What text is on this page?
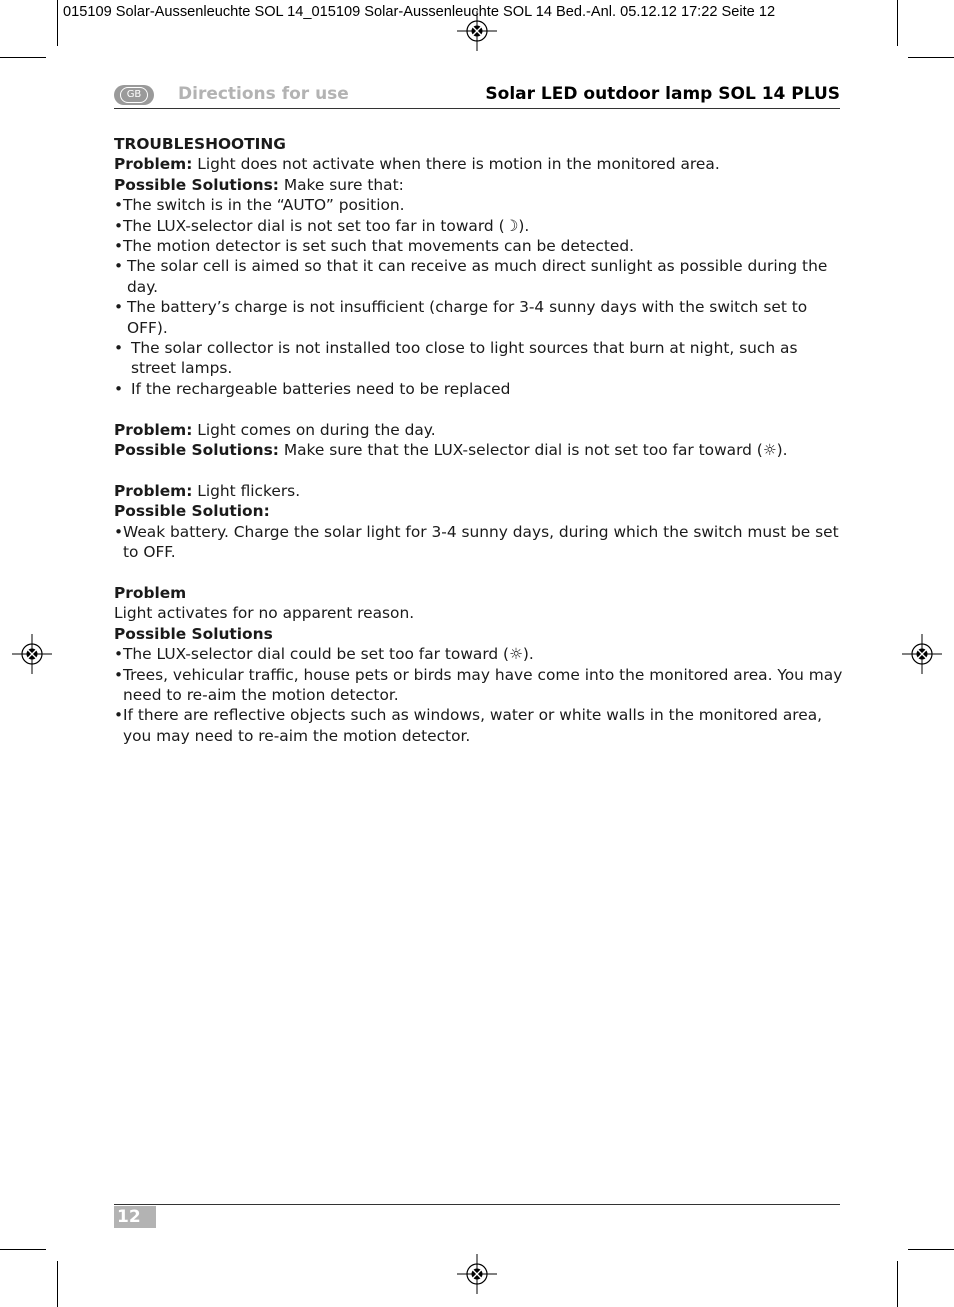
015109 Solar-Aussenleuchte SOL 14_015109 Solar-Aussenleuchte SOL 14 Bed.-Anl. 05.12.12 17:22 Seite 12
GB	Directions for use	Solar LED outdoor lamp SOL 14 PLUS

TROUBLESHOOTING

Problem: Light does not activate when there is motion in the monitored area.

Possible Solutions: Make sure that:

• The switch is in the “AUTO” position.
• The LUX-selector dial is not set too far in toward (☽).
• The motion detector is set such that movements can be detected.
• The solar cell is aimed so that it can receive as much direct sunlight as possible during the day.
• The battery’s charge is not insufficient (charge for 3-4 sunny days with the switch set to OFF).
• The solar collector is not installed too close to light sources that burn at night, such as street lamps.
• If the rechargeable batteries need to be replaced

Problem: Light comes on during the day.

Possible Solutions: Make sure that the LUX-selector dial is not set too far toward (☼).

Problem: Light flickers.

Possible Solution:

• Weak battery. Charge the solar light for 3-4 sunny days, during which the switch must be set to OFF.

Problem

Light activates for no apparent reason.

Possible Solutions

• The LUX-selector dial could be set too far toward (☼).
• Trees, vehicular traffic, house pets or birds may have come into the monitored area. You may need to re-aim the motion detector.
• If there are reflective objects such as windows, water or white walls in the monitored area, you may need to re-aim the motion detector.
12
